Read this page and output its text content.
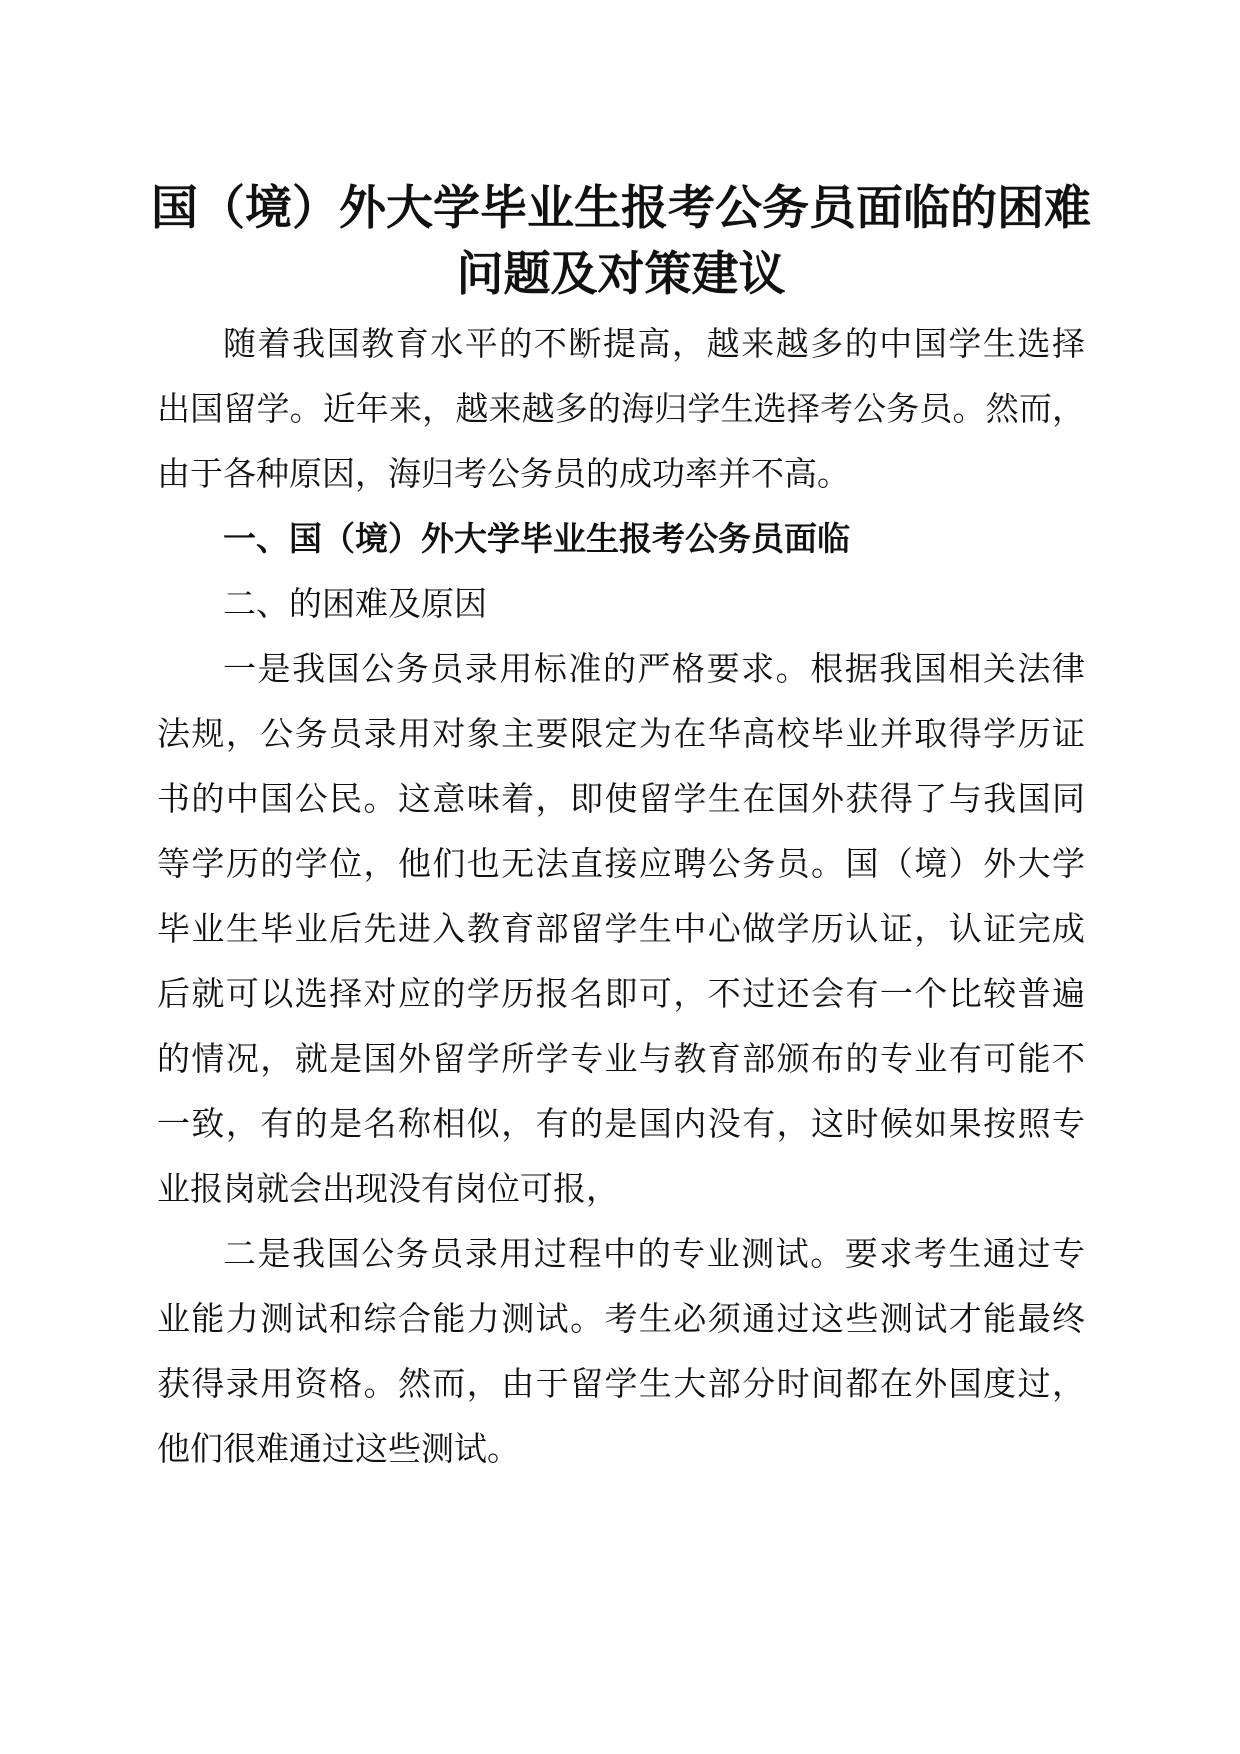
国（境）外大学毕业生报考公务员面临的困难
问题及对策建议
随着我国教育水平的不断提高，越来越多的中国学生选择
出国留学。近年来，越来越多的海归学生选择考公务员。然而，
由于各种原因，海归考公务员的成功率并不高。
一、国（境）外大学毕业生报考公务员面临
二、的困难及原因
一是我国公务员录用标准的严格要求。根据我国相关法律
法规，公务员录用对象主要限定为在华高校毕业并取得学历证
书的中国公民。这意味着，即使留学生在国外获得了与我国同
等学历的学位，他们也无法直接应聘公务员。国（境）外大学
毕业生毕业后先进入教育部留学生中心做学历认证，认证完成
后就可以选择对应的学历报名即可，不过还会有一个比较普遍
的情况，就是国外留学所学专业与教育部颁布的专业有可能不
一致，有的是名称相似，有的是国内没有，这时候如果按照专
业报岗就会出现没有岗位可报，
二是我国公务员录用过程中的专业测试。要求考生通过专
业能力测试和综合能力测试。考生必须通过这些测试才能最终
获得录用资格。然而，由于留学生大部分时间都在外国度过，
他们很难通过这些测试。
